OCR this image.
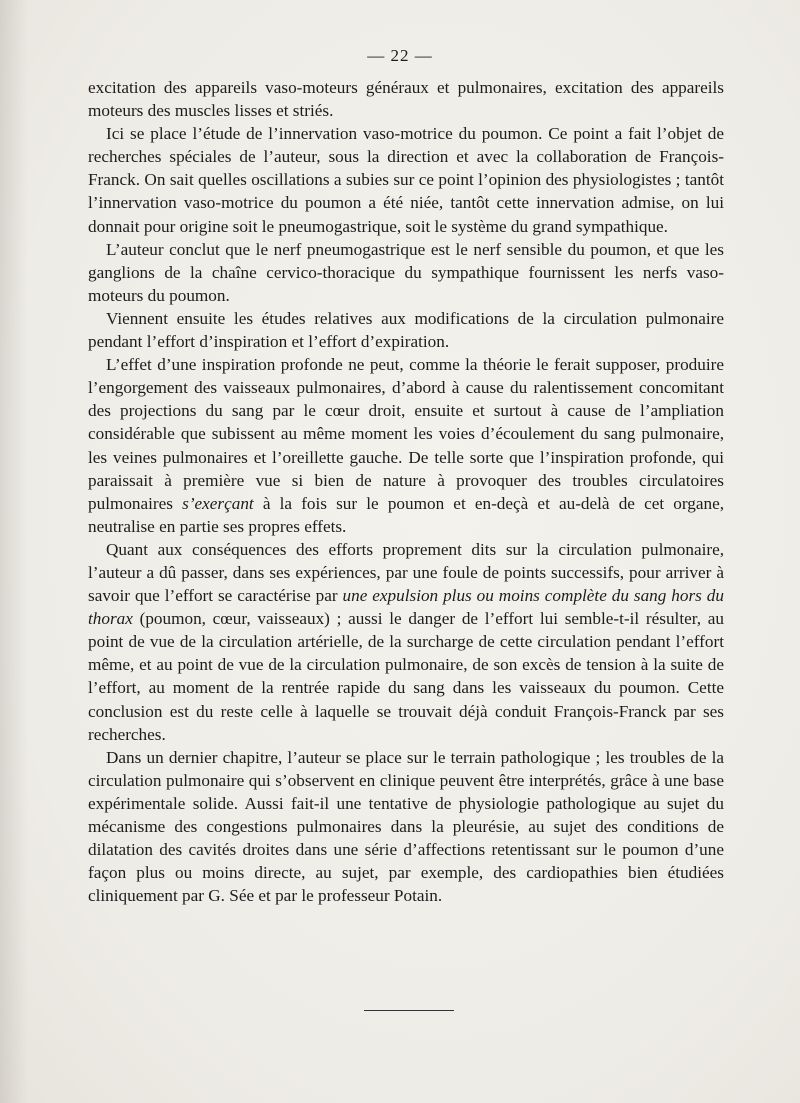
— 22 —

excitation des appareils vaso-moteurs généraux et pulmonaires, excitation des appareils moteurs des muscles lisses et striés.

Ici se place l’étude de l’innervation vaso-motrice du poumon. Ce point a fait l’objet de recherches spéciales de l’auteur, sous la direction et avec la collaboration de François-Franck. On sait quelles oscillations a subies sur ce point l’opinion des physiologistes ; tantôt l’innervation vaso-motrice du poumon a été niée, tantôt cette innervation admise, on lui donnait pour origine soit le pneumogastrique, soit le système du grand sympathique.

L’auteur conclut que le nerf pneumogastrique est le nerf sensible du poumon, et que les ganglions de la chaîne cervico-thoracique du sympathique fournissent les nerfs vaso-moteurs du poumon.

Viennent ensuite les études relatives aux modifications de la circulation pulmonaire pendant l’effort d’inspiration et l’effort d’expiration.

L’effet d’une inspiration profonde ne peut, comme la théorie le ferait supposer, produire l’engorgement des vaisseaux pulmonaires, d’abord à cause du ralentissement concomitant des projections du sang par le cœur droit, ensuite et surtout à cause de l’ampliation considérable que subissent au même moment les voies d’écoulement du sang pulmonaire, les veines pulmonaires et l’oreillette gauche. De telle sorte que l’inspiration profonde, qui paraissait à première vue si bien de nature à provoquer des troubles circulatoires pulmonaires s’exerçant à la fois sur le poumon et en-deçà et au-delà de cet organe, neutralise en partie ses propres effets.

Quant aux conséquences des efforts proprement dits sur la circulation pulmonaire, l’auteur a dû passer, dans ses expériences, par une foule de points successifs, pour arriver à savoir que l’effort se caractérise par une expulsion plus ou moins complète du sang hors du thorax (poumon, cœur, vaisseaux) ; aussi le danger de l’effort lui semble-t-il résulter, au point de vue de la circulation artérielle, de la surcharge de cette circulation pendant l’effort même, et au point de vue de la circulation pulmonaire, de son excès de tension à la suite de l’effort, au moment de la rentrée rapide du sang dans les vaisseaux du poumon. Cette conclusion est du reste celle à laquelle se trouvait déjà conduit François-Franck par ses recherches.

Dans un dernier chapitre, l’auteur se place sur le terrain pathologique ; les troubles de la circulation pulmonaire qui s’observent en clinique peuvent être interprétés, grâce à une base expérimentale solide. Aussi fait-il une tentative de physiologie pathologique au sujet du mécanisme des congestions pulmonaires dans la pleurésie, au sujet des conditions de dilatation des cavités droites dans une série d’affections retentissant sur le poumon d’une façon plus ou moins directe, au sujet, par exemple, des cardiopathies bien étudiées cliniquement par G. Sée et par le professeur Potain.
